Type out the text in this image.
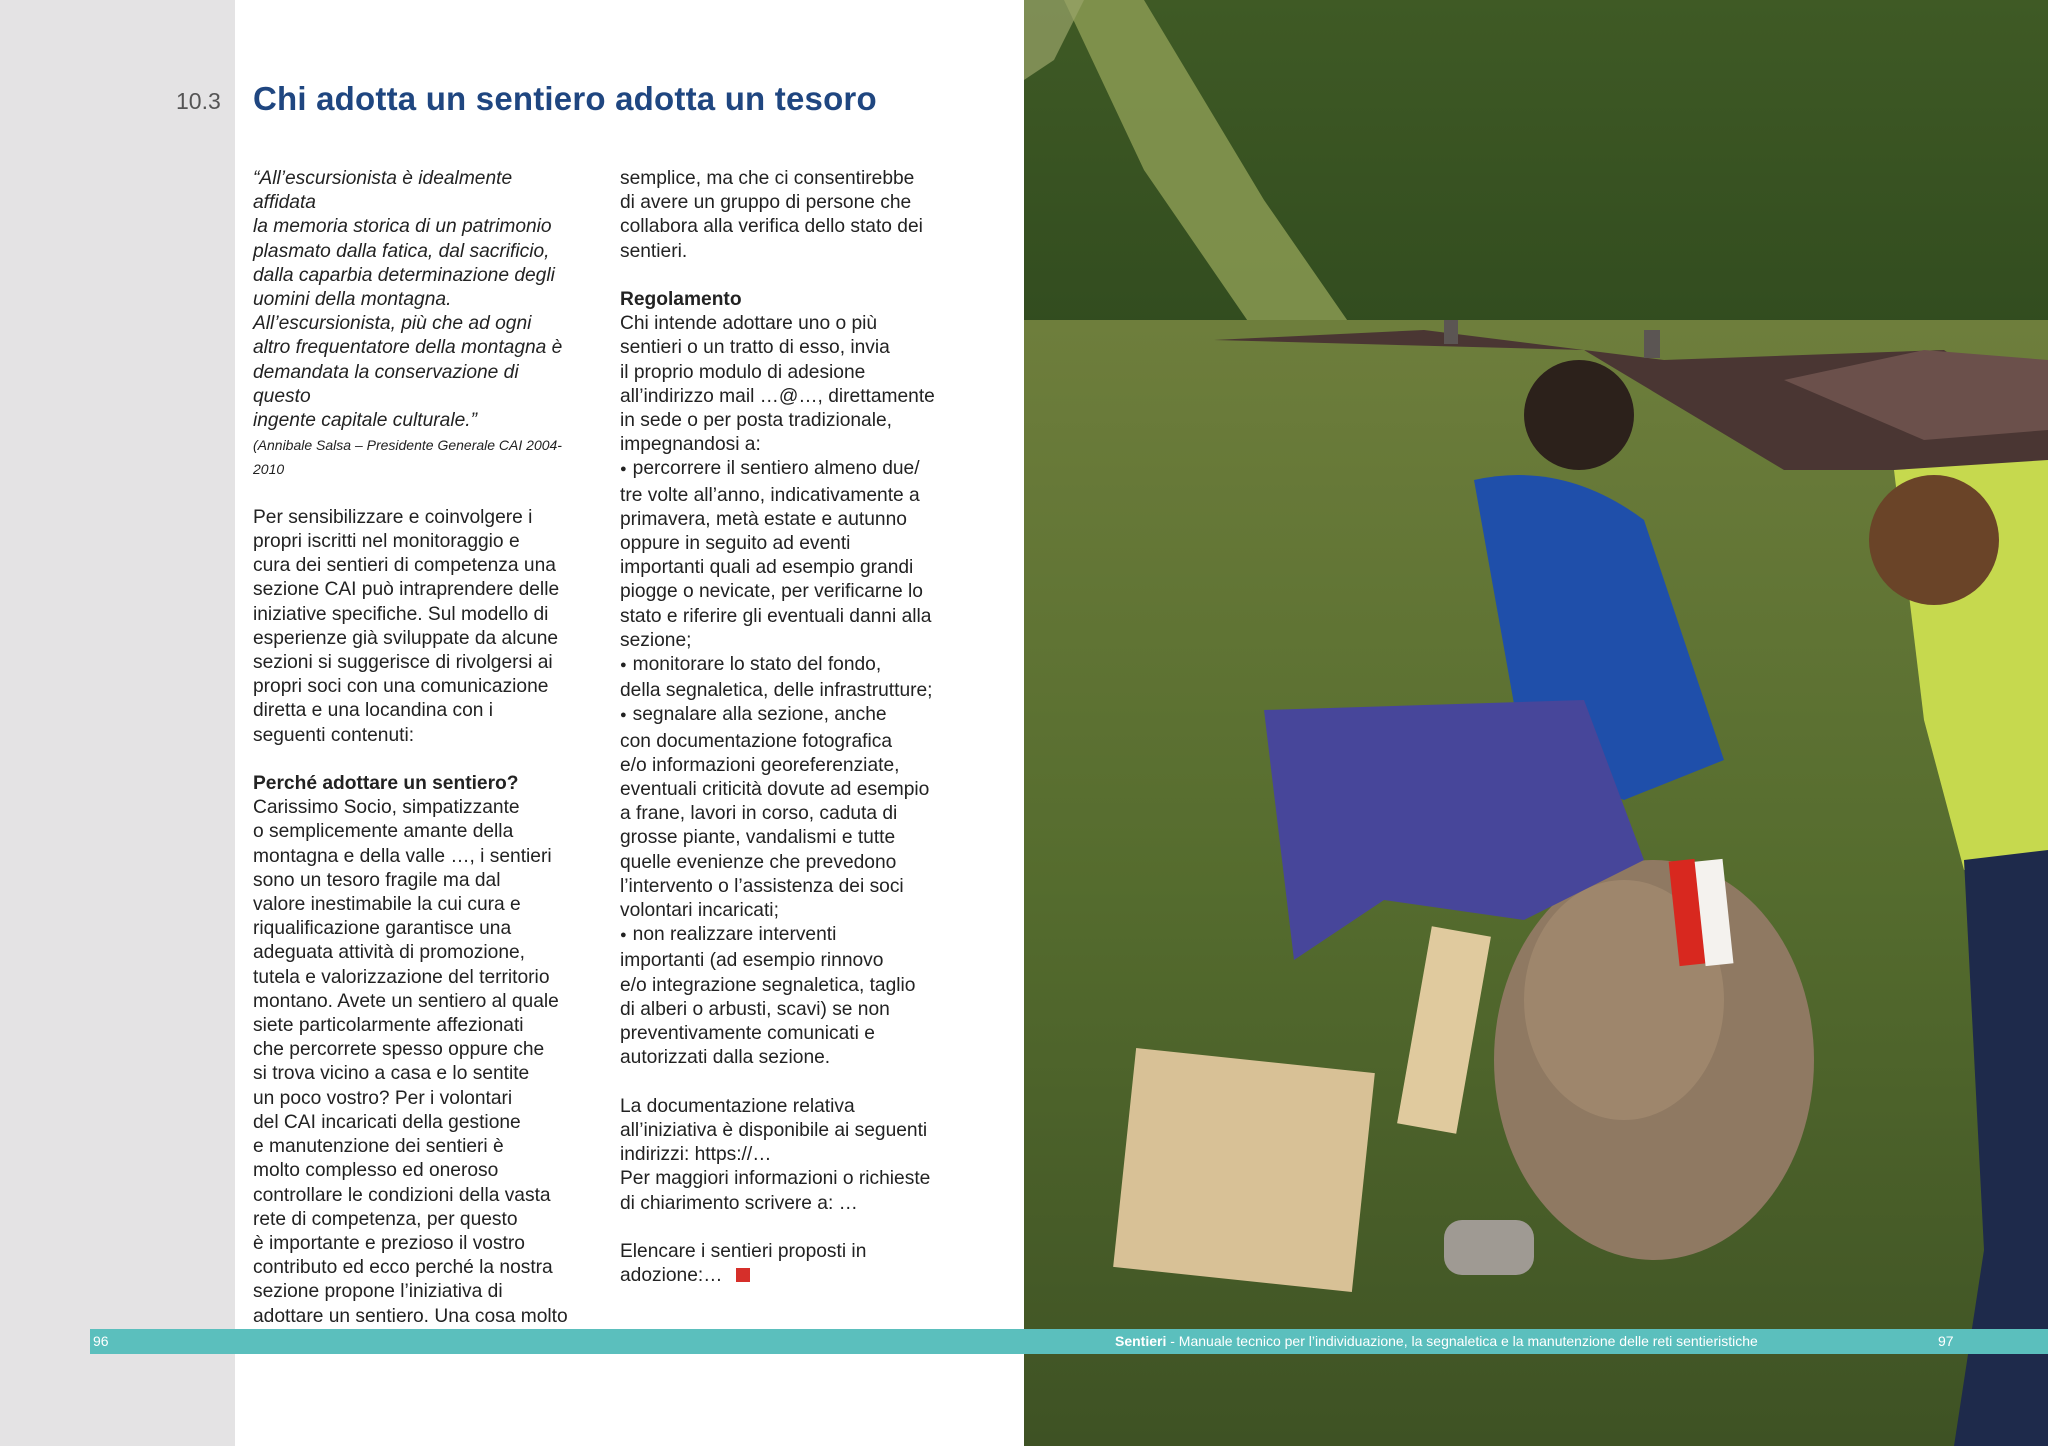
10.3 Chi adotta un sentiero adotta un tesoro

“All’escursionista è idealmente affidata

la memoria storica di un patrimonio

plasmato dalla fatica, dal sacrificio,

dalla caparbia determinazione degli

uomini della montagna.

All’escursionista, più che ad ogni

altro frequentatore della montagna è

demandata la conservazione di questo

ingente capitale culturale.”

(Annibale Salsa – Presidente Generale CAI 2004-

2010

Per sensibilizzare e coinvolgere i

propri iscritti nel monitoraggio e

cura dei sentieri di competenza una

sezione CAI può intraprendere delle

iniziative specifiche. Sul modello di

esperienze già sviluppate da alcune

sezioni si suggerisce di rivolgersi ai

propri soci con una comunicazione

diretta e una locandina con i

seguenti contenuti:

Perché adottare un sentiero?

Carissimo Socio, simpatizzante

o semplicemente amante della

montagna e della valle …, i sentieri

sono un tesoro fragile ma dal

valore inestimabile la cui cura e

riqualificazione garantisce una

adeguata attività di promozione,

tutela e valorizzazione del territorio

montano. Avete un sentiero al quale

siete particolarmente affezionati

che percorrete spesso oppure che

si trova vicino a casa e lo sentite

un poco vostro? Per i volontari

del CAI incaricati della gestione

e manutenzione dei sentieri è

molto complesso ed oneroso

controllare le condizioni della vasta

rete di competenza, per questo

è importante e prezioso il vostro

contributo ed ecco perché la nostra

sezione propone l’iniziativa di

adottare un sentiero. Una cosa molto

semplice, ma che ci consentirebbe

di avere un gruppo di persone che

collabora alla verifica dello stato dei

sentieri.

Regolamento

Chi intende adottare uno o più

sentieri o un tratto di esso, invia

il proprio modulo di adesione

all’indirizzo mail …@…, direttamente

in sede o per posta tradizionale,

impegnandosi a:

● percorrere il sentiero almeno due/

tre volte all’anno, indicativamente a

primavera, metà estate e autunno

oppure in seguito ad eventi

importanti quali ad esempio grandi

piogge o nevicate, per verificarne lo

stato e riferire gli eventuali danni alla

sezione;

● monitorare lo stato del fondo,

della segnaletica, delle infrastrutture;

● segnalare alla sezione, anche

con documentazione fotografica

e/o informazioni georeferenziate,

eventuali criticità dovute ad esempio

a frane, lavori in corso, caduta di

grosse piante, vandalismi e tutte

quelle evenienze che prevedono

l’intervento o l’assistenza dei soci

volontari incaricati;

● non realizzare interventi

importanti (ad esempio rinnovo

e/o integrazione segnaletica, taglio

di alberi o arbusti, scavi) se non

preventivamente comunicati e

autorizzati dalla sezione.

La documentazione relativa

all’iniziativa è disponibile ai seguenti

indirizzi: https://…

Per maggiori informazioni o richieste

di chiarimento scrivere a: …

Elencare i sentieri proposti in

adozione:…

96	Sentieri - Manuale tecnico per l’individuazione, la segnaletica e la manutenzione delle reti sentieristiche	97
